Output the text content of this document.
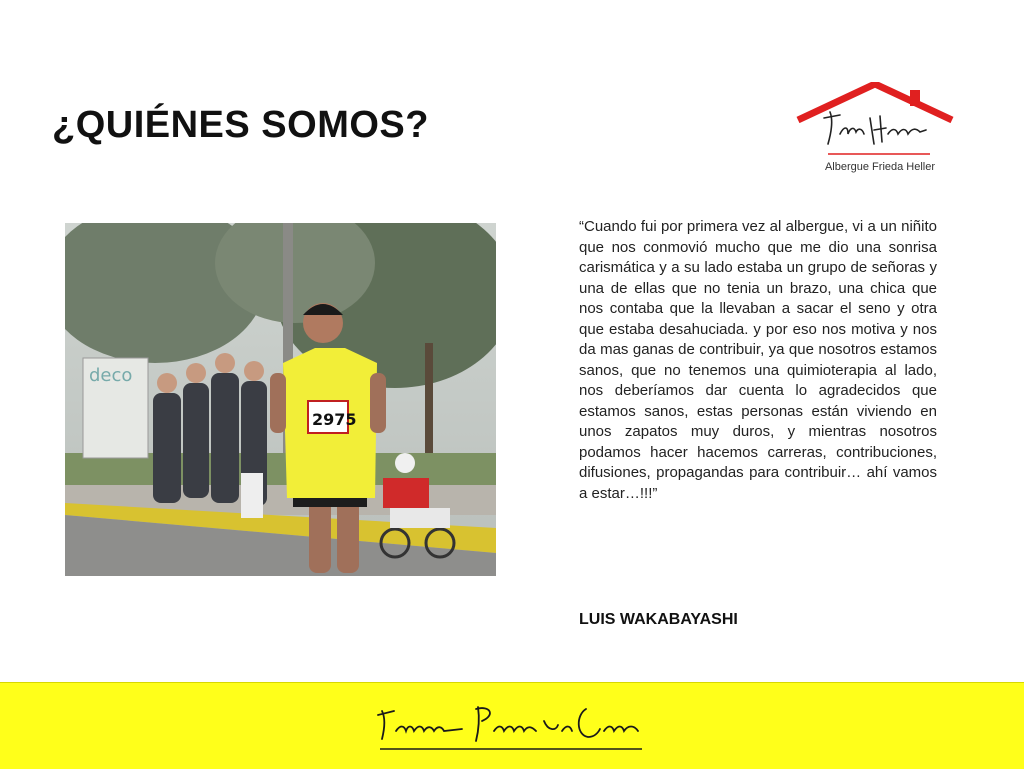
¿QUIÉNES SOMOS?
Albergue Frieda Heller
deco
2975
“Cuando fui por primera vez al albergue, vi a un niñito que nos conmovió mucho que me dio una sonrisa carismática y a su lado estaba un grupo de señoras y una de ellas que no tenia un brazo, una chica que nos contaba que la llevaban a sacar el seno y otra que estaba desahuciada. y por eso nos motiva y nos da mas ganas de contribuir, ya que nosotros estamos sanos, que no tenemos una quimioterapia al lado, nos deberíamos dar cuenta lo agradecidos que estamos sanos, estas personas están viviendo en unos zapatos muy duros, y mientras nosotros podamos hacer hacemos carreras, contribuciones, difusiones, propagandas para contribuir… ahí vamos a estar…!!!”
LUIS WAKABAYASHI
